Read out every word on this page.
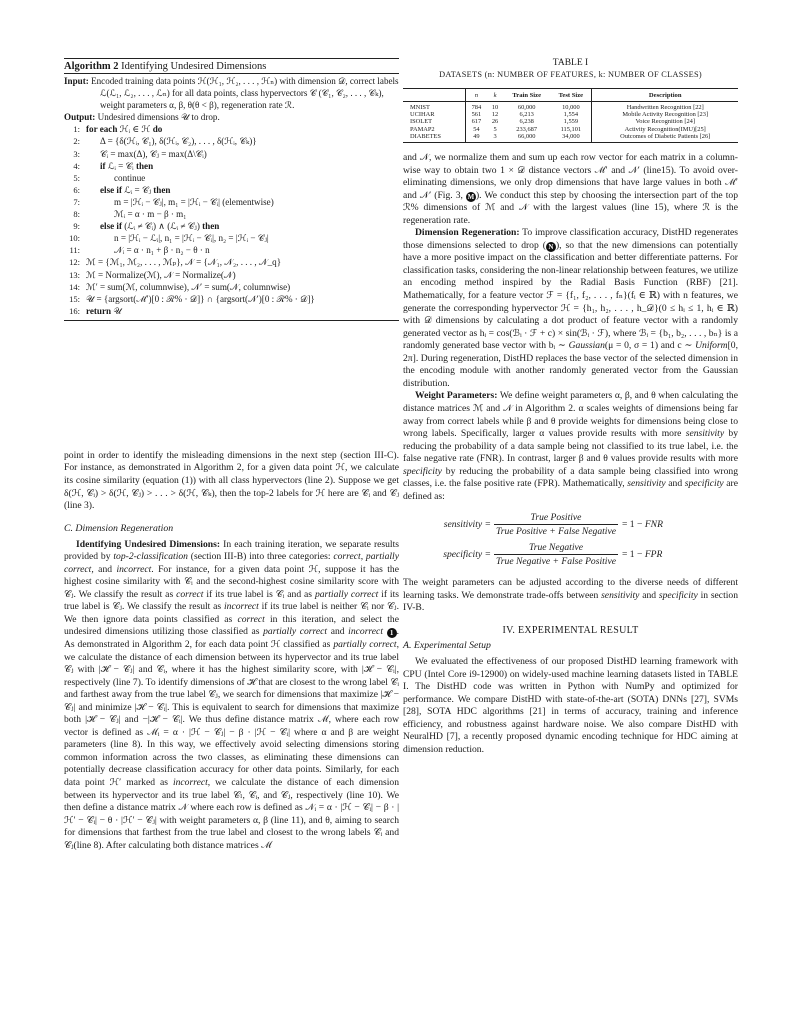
Algorithm 2 Identifying Undesired Dimensions
Input: Encoded training data points ℋ(ℋ₁, ℋ₂, . . . , ℋₙ) with dimension 𝒟, correct labels ℒ(ℒ₁, ℒ₂, . . . , ℒₙ) for all data points, class hypervectors 𝒞 (𝒞₁, 𝒞₂, . . . , 𝒞ₖ), weight parameters α, β, θ(θ < β), regeneration rate ℛ.
Output: Undesired dimensions 𝒰 to drop.
1: for each ℋᵢ ∈ ℋ do
2:	Δ = {δ(ℋᵢ, 𝒞₁), δ(ℋᵢ, 𝒞₂), . . . , δ(ℋᵢ, 𝒞ₖ)}
3:	𝒞ᵢ = max(Δ), 𝒞ⱼ = max(Δ\𝒞ᵢ)
4:	if ℒᵢ = 𝒞ᵢ then
5:	continue
6:	else if ℒᵢ = 𝒞ⱼ then
7:	m = |ℋᵢ − 𝒞ⱼ|, m₁ = |ℋᵢ − 𝒞ᵢ| (elementwise)
8:	ℳᵢ = α · m − β · m₁
9:	else if (ℒᵢ ≠ 𝒞ᵢ) ∧ (ℒᵢ ≠ 𝒞ⱼ) then
10:	n = |ℋᵢ − ℒᵢ|, n₁ = |ℋᵢ − 𝒞ᵢ|, n₂ = |ℋᵢ − 𝒞ⱼ|
11:	𝒩ᵢ = α · n₁ + β · n₂ − θ · n
12: ℳ = {ℳ₁, ℳ₂, . . . , ℳₚ}, 𝒩 = {𝒩₁, 𝒩₂, . . . , 𝒩_q}
13: ℳ = Normalize(ℳ), 𝒩 = Normalize(𝒩)
14: ℳ′ = sum(ℳ, columnwise), 𝒩′ = sum(𝒩, columnwise)
15: 𝒰 = {argsort(ℳ′)[0 : ℛ% · 𝒟]} ∩ {argsort(𝒩′)[0 : ℛ% · 𝒟]}
16: return 𝒰

point in order to identify the misleading dimensions in the next step (section III-C). For instance, as demonstrated in Algorithm 2, for a given data point ℋ, we calculate its cosine similarity (equation (1)) with all class hypervectors (line 2). Suppose we get δ(ℋ, 𝒞ᵢ) > δ(ℋ, 𝒞ⱼ) > . . . > δ(ℋ, 𝒞ₖ), then the top-2 labels for ℋ here are 𝒞ᵢ and 𝒞ⱼ (line 3).

C. Dimension Regeneration

Identifying Undesired Dimensions: In each training iteration, we separate results provided by top-2-classification (section III-B) into three categories: correct, partially correct, and incorrect. For instance, for a given data point ℋ, suppose it has the highest cosine similarity with 𝒞ᵢ and the second-highest cosine similarity score with 𝒞ⱼ. We classify the result as correct if its true label is 𝒞ᵢ and as partially correct if its true label is 𝒞ⱼ. We classify the result as incorrect if its true label is neither 𝒞ᵢ nor 𝒞ⱼ. We then ignore data points classified as correct in this iteration, and select the undesired dimensions utilizing those classified as partially correct and incorrect 1 . As demonstrated in Algorithm 2, for each data point ℋ classified as partially correct, we calculate the distance of each dimension between its hypervector and its true label 𝒞ⱼ with |ℋ − 𝒞ⱼ| and 𝒞ᵢ, where it has the highest similarity score, with |ℋ − 𝒞ᵢ|, respectively (line 7). To identify dimensions of ℋ that are closest to the wrong label 𝒞ᵢ and farthest away from the true label 𝒞ⱼ, we search for dimensions that maximize |ℋ − 𝒞ⱼ| and minimize |ℋ − 𝒞ᵢ|. This is equivalent to search for dimensions that maximize both |ℋ − 𝒞ⱼ| and −|ℋ − 𝒞ᵢ|. We thus define distance matrix ℳ, where each row vector is defined as ℳᵢ = α · |ℋ − 𝒞ⱼ| − β · |ℋ − 𝒞ᵢ| where α and β are weight parameters (line 8). In this way, we effectively avoid selecting dimensions storing common information across the two classes, as eliminating these dimensions can potentially decrease classification accuracy for other data points. Similarly, for each data point ℋ′ marked as incorrect, we calculate the distance of each dimension between its hypervector and its true label 𝒞ₗ, 𝒞ᵢ, and 𝒞ⱼ, respectively (line 10). We then define a distance matrix 𝒩 where each row is defined as 𝒩ᵢ = α · |ℋ − 𝒞ᵢ| − β · |ℋ′ − 𝒞ᵢ| − θ · |ℋ′ − 𝒞ⱼ| with weight parameters α, β (line 11), and θ, aiming to search for dimensions that farthest from the true label and closest to the wrong labels 𝒞ᵢ and 𝒞ⱼ(line 8). After calculating both distance matrices ℳ

TABLE I
DATASETS (n: NUMBER OF FEATURES, k: NUMBER OF CLASSES)
	n	k	Train Size	Test Size	Description
MNIST	784	10	60,000	10,000	Handwritten Recognition [22]
UCIHAR	561	12	6,213	1,554	Mobile Activity Recognition [23]
ISOLET	617	26	6,238	1,559	Voice Recognition [24]
PAMAP2	54	5	233,687	115,101	Activity Recognition(IMU)[25]
DIABETES	49	3	66,000	34,000	Outcomes of Diabetic Patients [26]

and 𝒩, we normalize them and sum up each row vector for each matrix in a column-wise way to obtain two 1 × 𝒟 distance vectors ℳ′ and 𝒩′ (line15). To avoid over-eliminating dimensions, we only drop dimensions that have large values in both ℳ′ and 𝒩′ (Fig. 3, M ). We conduct this step by choosing the intersection part of the top ℛ% dimensions of ℳ and 𝒩 with the largest values (line 15), where ℛ is the regeneration rate.

Dimension Regeneration: To improve classification accuracy, DistHD regenerates those dimensions selected to drop ( N ), so that the new dimensions can potentially have a more positive impact on the classification and better differentiate patterns. For classification tasks, considering the non-linear relationship between features, we utilize an encoding method inspired by the Radial Basis Function (RBF) [21]. Mathematically, for a feature vector ℱ = {f₁, f₂, . . . , fₙ}(fᵢ ∈ ℝ) with n features, we generate the corresponding hypervector ℋ = {h₁, h₂, . . . , h_𝒟}(0 ≤ hᵢ ≤ 1, hᵢ ∈ ℝ) with 𝒟 dimensions by calculating a dot product of feature vector with a randomly generated vector as hᵢ = cos(ℬᵢ · ℱ + c) × sin(ℬᵢ · ℱ), where ℬᵢ = {b₁, b₂, . . . , bₙ} is a randomly generated base vector with bᵢ ∼ Gaussian(μ = 0, σ = 1) and c ∼ Uniform[0, 2π]. During regeneration, DistHD replaces the base vector of the selected dimension in the encoding module with another randomly generated vector from the Gaussian distribution.

Weight Parameters: We define weight parameters α, β, and θ when calculating the distance matrices ℳ and 𝒩 in Algorithm 2. α scales weights of dimensions being far away from correct labels while β and θ provide weights for dimensions being close to wrong labels. Specifically, larger α values provide results with more sensitivity by reducing the probability of a data sample being not classified to its true label, i.e. the false negative rate (FNR). In contrast, larger β and θ values provide results with more specificity by reducing the probability of a data sample being classified into wrong classes, i.e. the false positive rate (FPR). Mathematically, sensitivity and specificity are defined as:

sensitivity = $\frac{\text{True Positive}}{\text{True Positive + False Negative}} = 1$ − FNR
specificity = $\frac{\text{True Negative}}{\text{True Negative + False Positive}} = 1$ − FPR

The weight parameters can be adjusted according to the diverse needs of different learning tasks. We demonstrate trade-offs between sensitivity and specificity in section IV-B.

IV. EXPERIMENTAL RESULT
A. Experimental Setup

We evaluated the effectiveness of our proposed DistHD learning framework with CPU (Intel Core i9-12900) on widely-used machine learning datasets listed in TABLE I. The DistHD code was written in Python with NumPy and optimized for performance. We compare DistHD with state-of-the-art (SOTA) DNNs [27], SVMs [28], SOTA HDC algorithms [21] in terms of accuracy, training and inference efficiency, and robustness against hardware noise. We also compare DistHD with NeuralHD [7], a recently proposed dynamic encoding technique for HDC aiming at dimension reduction.
